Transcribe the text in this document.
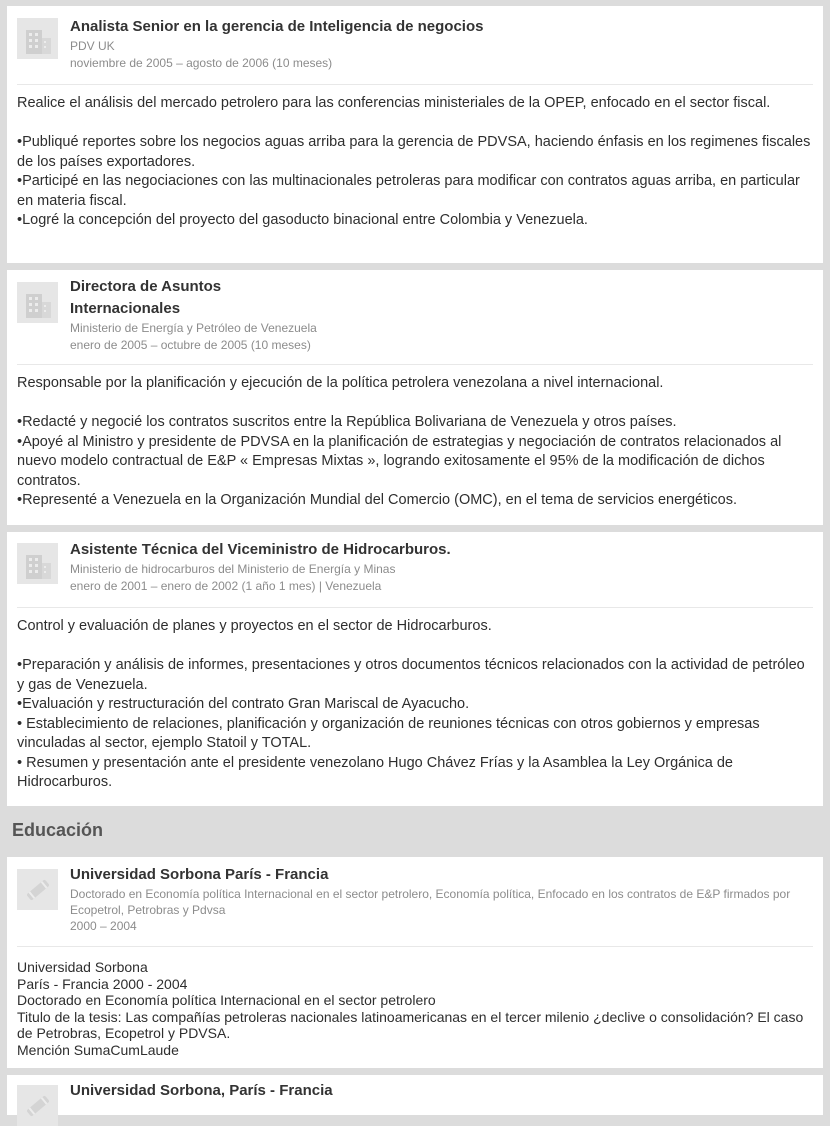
Analista Senior en la gerencia de Inteligencia de negocios
PDV UK
noviembre de 2005 – agosto de 2006 (10 meses)

Realice el análisis del mercado petrolero para las conferencias ministeriales de la OPEP, enfocado en el sector fiscal.

•Publiqué reportes sobre los negocios aguas arriba para la gerencia de PDVSA, haciendo énfasis en los regimenes fiscales de los países exportadores.

•Participé en las negociaciones con las multinacionales petroleras para modificar con contratos aguas arriba, en particular en materia fiscal.

•Logré la concepción del proyecto del gasoducto binacional entre Colombia y Venezuela.

Directora de Asuntos
Internacionales
Ministerio de Energía y Petróleo de Venezuela
enero de 2005 – octubre de 2005 (10 meses)

Responsable por la planificación y ejecución de la política petrolera venezolana a nivel internacional.

•Redacté y negocié los contratos suscritos entre la República Bolivariana de Venezuela y otros países.

•Apoyé al Ministro y presidente de PDVSA en la planificación de estrategias y negociación de contratos relacionados al nuevo modelo contractual de E&P « Empresas Mixtas », logrando exitosamente el 95% de la modificación de dichos contratos.

•Representé a Venezuela en la Organización Mundial del Comercio (OMC), en el tema de servicios energéticos.

Asistente Técnica del Viceministro de Hidrocarburos.
Ministerio de hidrocarburos del Ministerio de Energía y Minas
enero de 2001 – enero de 2002 (1 año 1 mes) | Venezuela

Control y evaluación de planes y proyectos en el sector de Hidrocarburos.

•Preparación y análisis de informes, presentaciones y otros documentos técnicos relacionados con la actividad de petróleo y gas de Venezuela.

•Evaluación y restructuración del contrato Gran Mariscal de Ayacucho.

• Establecimiento de relaciones, planificación y organización de reuniones técnicas con otros gobiernos y empresas vinculadas al sector, ejemplo Statoil y TOTAL.

• Resumen y presentación ante el presidente venezolano Hugo Chávez Frías y la Asamblea la Ley Orgánica de Hidrocarburos.

Educación
Universidad Sorbona París - Francia
Doctorado en Economía política Internacional en el sector petrolero, Economía política, Enfocado en los contratos de E&P firmados por Ecopetrol, Petrobras y Pdvsa
2000 – 2004

Universidad Sorbona

París - Francia 2000 - 2004

Doctorado en Economía política Internacional en el sector petrolero

Titulo de la tesis: Las compañías petroleras nacionales latinoamericanas en el tercer milenio ¿declive o consolidación? El caso de Petrobras, Ecopetrol y PDVSA.

Mención SumaCumLaude

Universidad Sorbona, París - Francia
